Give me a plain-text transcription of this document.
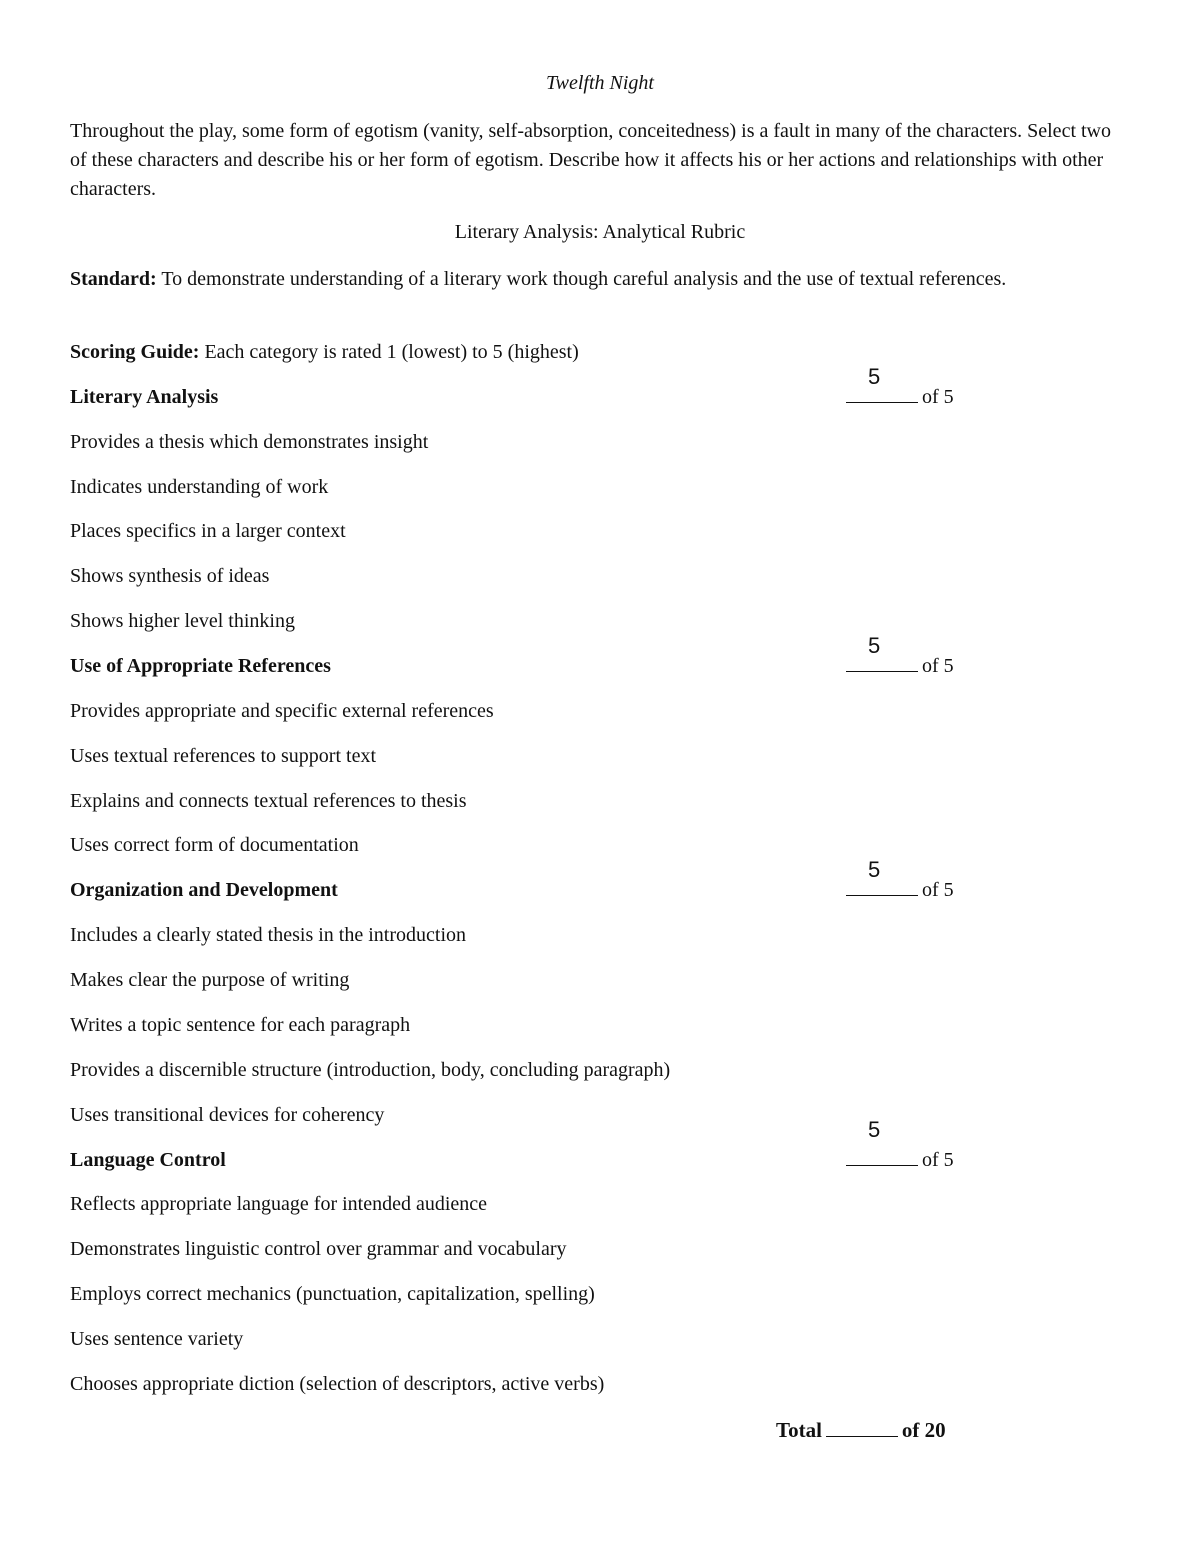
Twelfth Night
Throughout the play, some form of egotism (vanity, self-absorption, conceitedness) is a fault in many of the characters. Select two of these characters and describe his or her form of egotism. Describe how it affects his or her actions and relationships with other characters.
Literary Analysis: Analytical Rubric
Standard: To demonstrate understanding of a literary work though careful analysis and the use of textual references.
Scoring Guide: Each category is rated 1 (lowest) to 5 (highest)
Literary Analysis
5
of 5
Provides a thesis which demonstrates insight
Indicates understanding of work
Places specifics in a larger context
Shows synthesis of ideas
Shows higher level thinking
Use of Appropriate References
5
of 5
Provides appropriate and specific external references
Uses textual references to support text
Explains and connects textual references to thesis
Uses correct form of documentation
Organization and Development
5
of 5
Includes a clearly stated thesis in the introduction
Makes clear the purpose of writing
Writes a topic sentence for each paragraph
Provides a discernible structure (introduction, body, concluding paragraph)
Uses transitional devices for coherency
Language Control
5
of 5
Reflects appropriate language for intended audience
Demonstrates linguistic control over grammar and vocabulary
Employs correct mechanics (punctuation, capitalization, spelling)
Uses sentence variety
Chooses appropriate diction (selection of descriptors, active verbs)
Total	of 20
